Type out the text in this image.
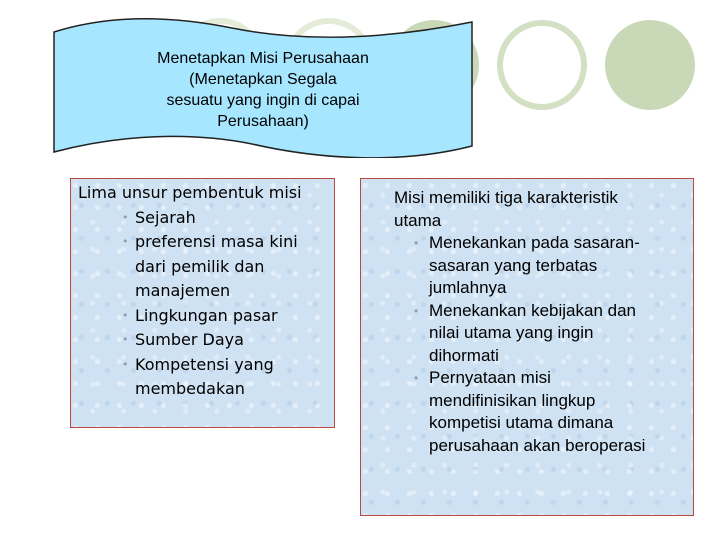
Menetapkan Misi Perusahaan
(Menetapkan Segala
sesuatu yang ingin di capai
Perusahaan)
Lima unsur pembentuk misi
• Sejarah
• preferensi masa kini
dari pemilik dan
manajemen
• Lingkungan pasar
• Sumber Daya
• Kompetensi yang
membedakan
Misi memiliki tiga karakteristik
utama
• Menekankan pada sasaran-
sasaran yang terbatas
jumlahnya
• Menekankan kebijakan dan
nilai utama yang ingin
dihormati
• Pernyataan misi
mendifinisikan lingkup
kompetisi utama dimana
perusahaan akan beroperasi
